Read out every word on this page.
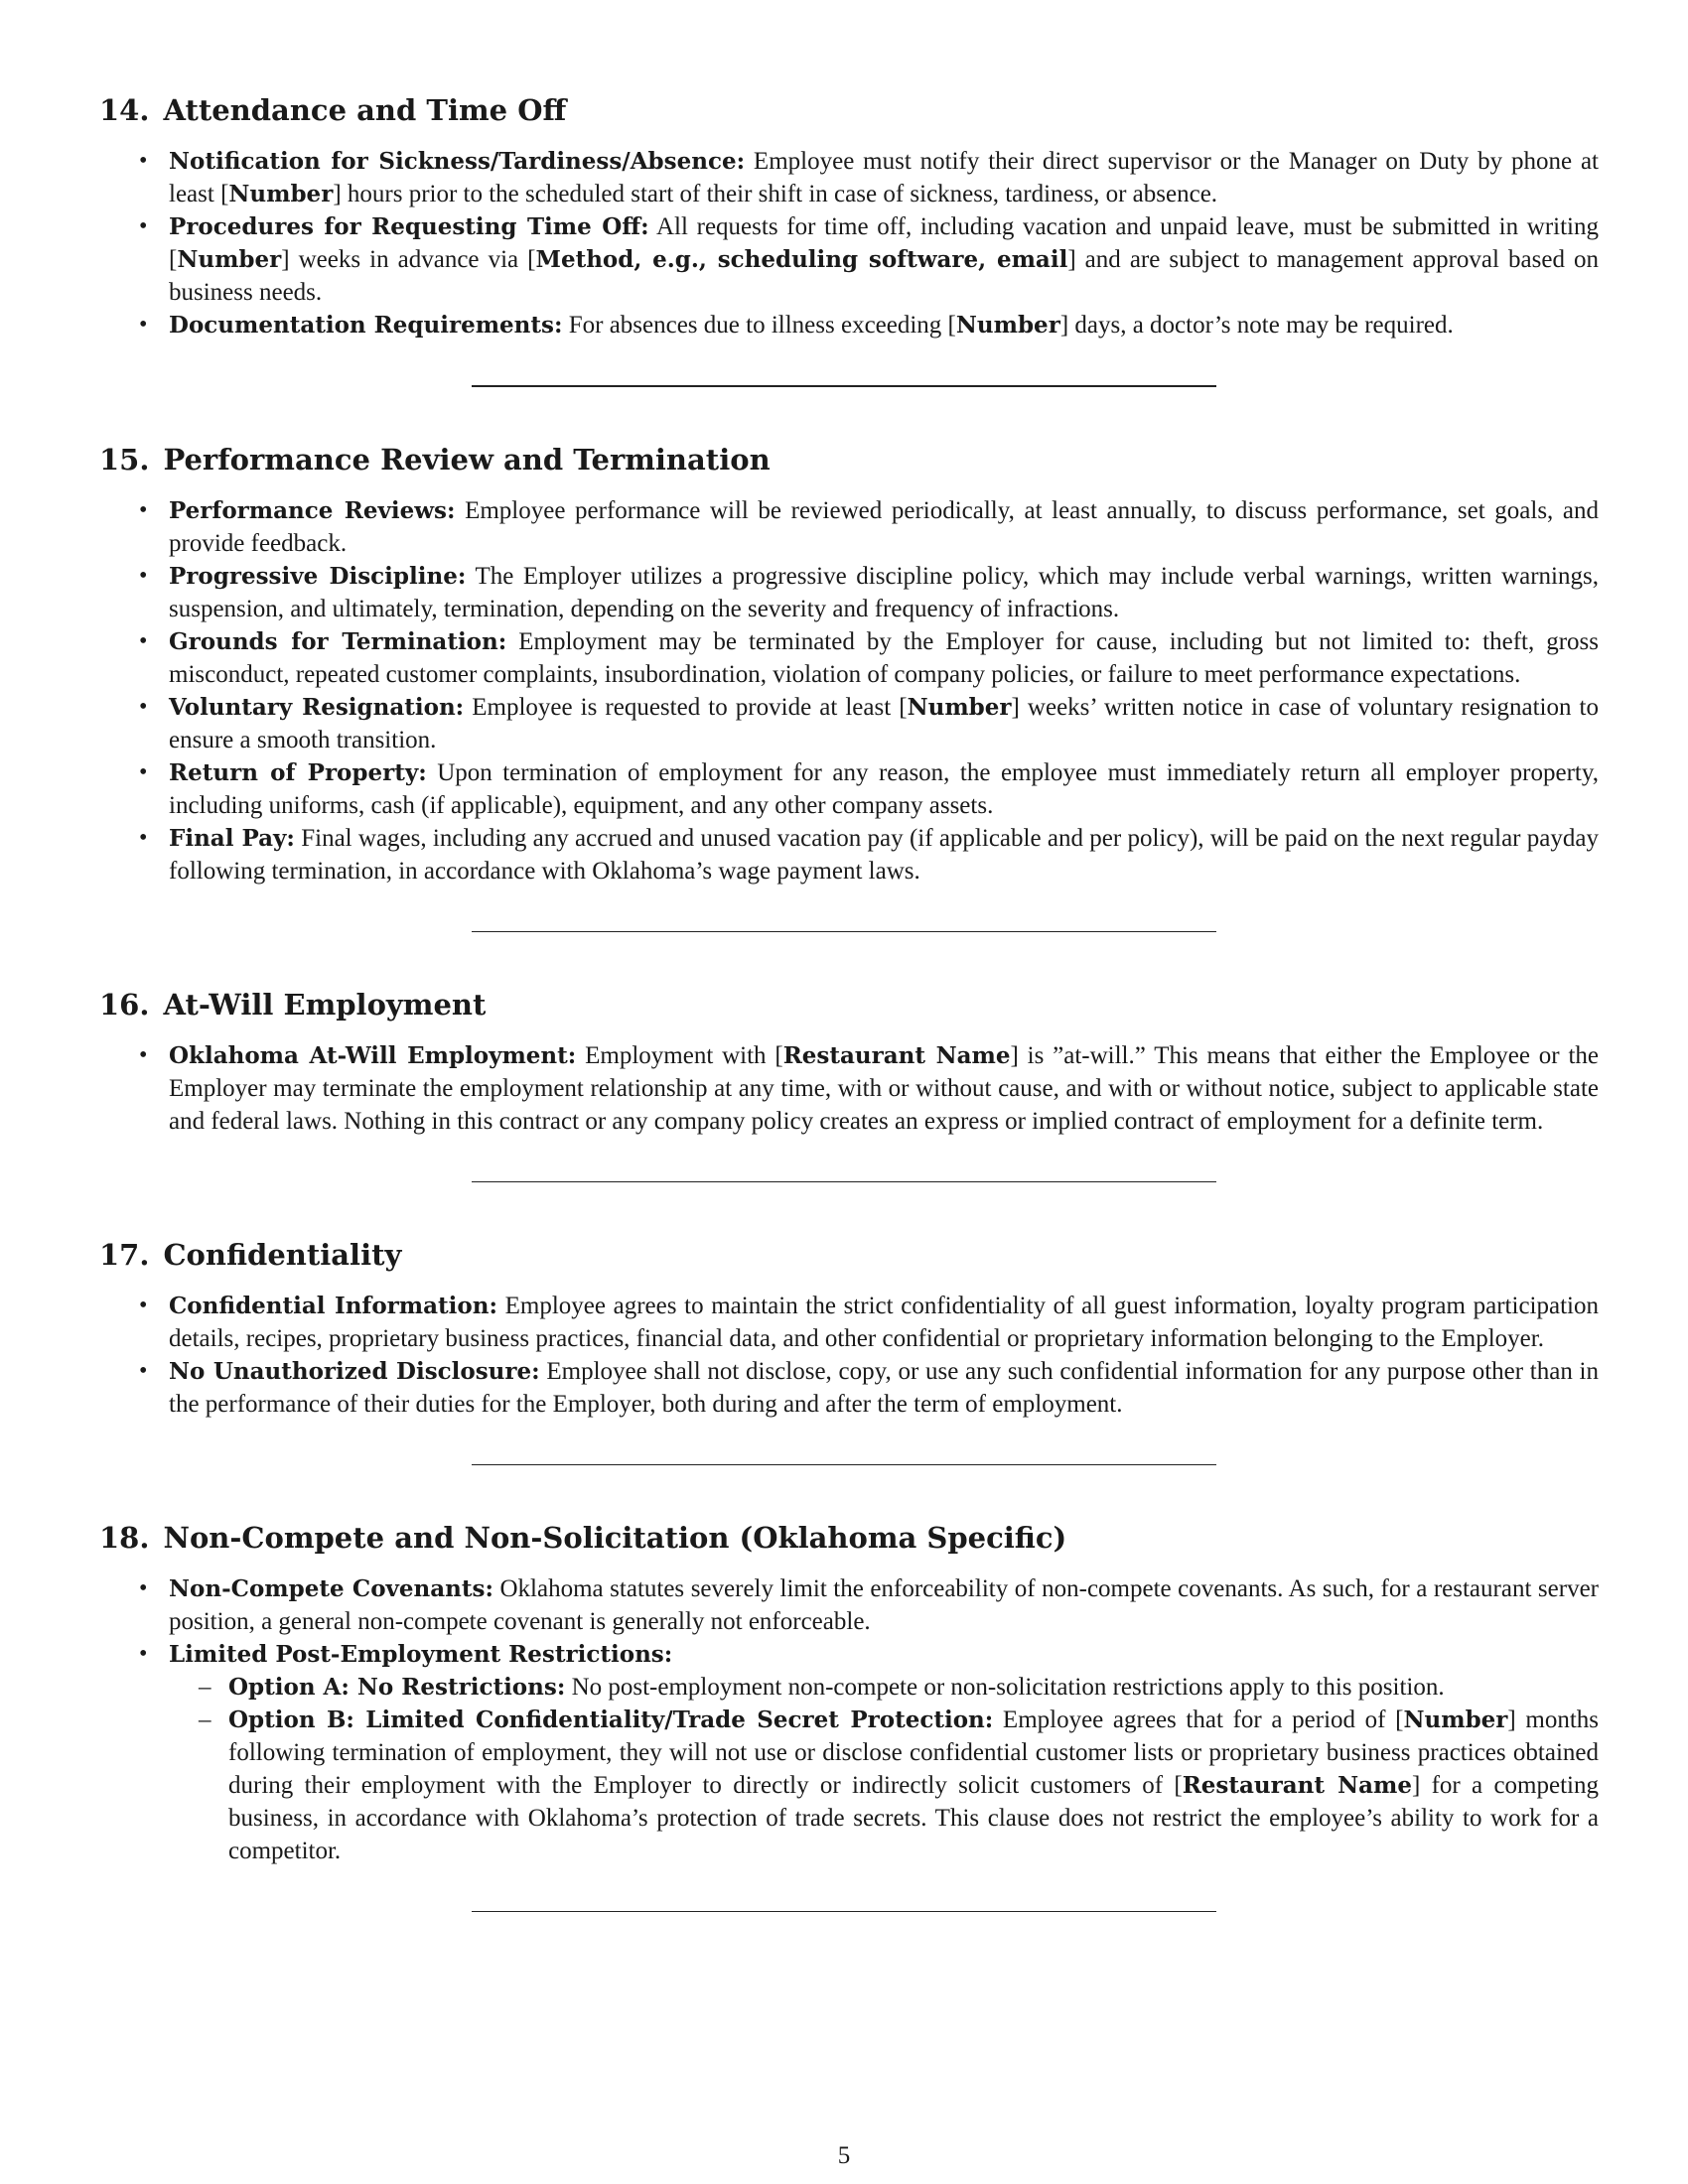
14. Attendance and Time Off
• Notification for Sickness/Tardiness/Absence: Employee must notify their direct supervisor or the Manager on Duty by phone at least [Number] hours prior to the scheduled start of their shift in case of sickness, tardiness, or absence.
• Procedures for Requesting Time Off: All requests for time off, including vacation and unpaid leave, must be submitted in writing [Number] weeks in advance via [Method, e.g., scheduling software, email] and are subject to management approval based on business needs.
• Documentation Requirements: For absences due to illness exceeding [Number] days, a doctor’s note may be required.
15. Performance Review and Termination
• Performance Reviews: Employee performance will be reviewed periodically, at least annually, to discuss performance, set goals, and provide feedback.
• Progressive Discipline: The Employer utilizes a progressive discipline policy, which may include verbal warnings, written warnings, suspension, and ultimately, termination, depending on the severity and frequency of infractions.
• Grounds for Termination: Employment may be terminated by the Employer for cause, including but not limited to: theft, gross misconduct, repeated customer complaints, insubordination, violation of company policies, or failure to meet performance expectations.
• Voluntary Resignation: Employee is requested to provide at least [Number] weeks’ written notice in case of voluntary resignation to ensure a smooth transition.
• Return of Property: Upon termination of employment for any reason, the employee must immediately return all employer property, including uniforms, cash (if applicable), equipment, and any other company assets.
• Final Pay: Final wages, including any accrued and unused vacation pay (if applicable and per policy), will be paid on the next regular payday following termination, in accordance with Oklahoma’s wage payment laws.
16. At-Will Employment
• Oklahoma At-Will Employment: Employment with [Restaurant Name] is ”at-will.” This means that either the Employee or the Employer may terminate the employment relationship at any time, with or without cause, and with or without notice, subject to applicable state and federal laws. Nothing in this contract or any company policy creates an express or implied contract of employment for a definite term.
17. Confidentiality
• Confidential Information: Employee agrees to maintain the strict confidentiality of all guest information, loyalty program participation details, recipes, proprietary business practices, financial data, and other confidential or proprietary information belonging to the Employer.
• No Unauthorized Disclosure: Employee shall not disclose, copy, or use any such confidential information for any purpose other than in the performance of their duties for the Employer, both during and after the term of employment.
18. Non-Compete and Non-Solicitation (Oklahoma Specific)
• Non-Compete Covenants: Oklahoma statutes severely limit the enforceability of non-compete covenants. As such, for a restaurant server position, a general non-compete covenant is generally not enforceable.
• Limited Post-Employment Restrictions:
– Option A: No Restrictions: No post-employment non-compete or non-solicitation restrictions apply to this position.
– Option B: Limited Confidentiality/Trade Secret Protection: Employee agrees that for a period of [Number] months following termination of employment, they will not use or disclose confidential customer lists or proprietary business practices obtained during their employment with the Employer to directly or indirectly solicit customers of [Restaurant Name] for a competing business, in accordance with Oklahoma’s protection of trade secrets. This clause does not restrict the employee’s ability to work for a competitor.
5
